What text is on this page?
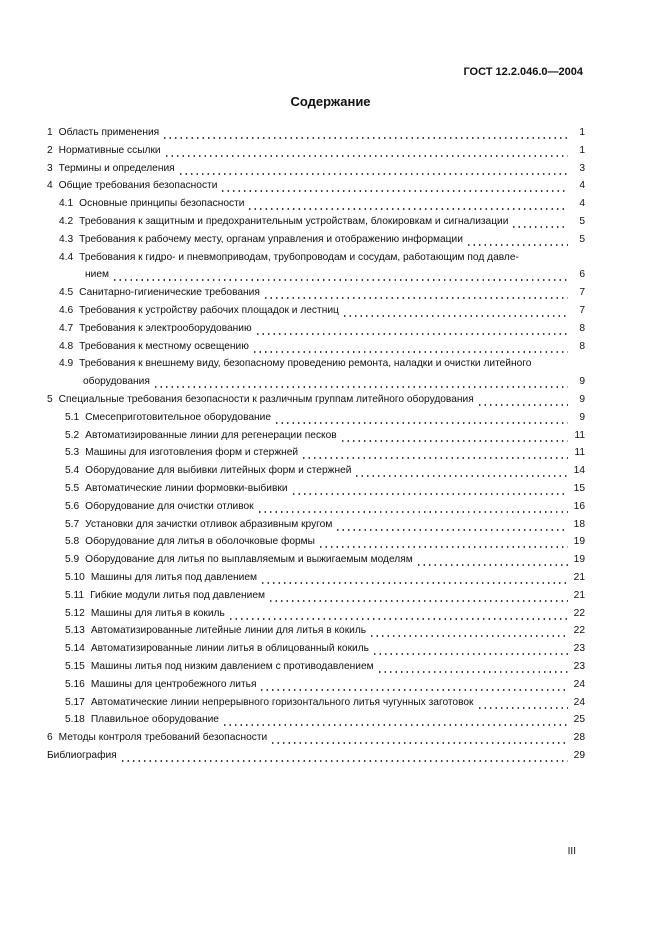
ГОСТ 12.2.046.0—2004
Содержание
1 Область применения	1
2 Нормативные ссылки	1
3 Термины и определения	3
4 Общие требования безопасности	4
4.1 Основные принципы безопасности	4
4.2 Требования к защитным и предохранительным устройствам, блокировкам и сигнализации	5
4.3 Требования к рабочему месту, органам управления и отображению информации	5
4.4 Требования к гидро- и пневмоприводам, трубопроводам и сосудам, работающим под давле-
нием	6
4.5 Санитарно-гигиенические требования	7
4.6 Требования к устройству рабочих площадок и лестниц	7
4.7 Требования к электрооборудованию	8
4.8 Требования к местному освещению	8
4.9 Требования к внешнему виду, безопасному проведению ремонта, наладки и очистки литейного
оборудования	9
5 Специальные требования безопасности к различным группам литейного оборудования	9
5.1 Смесеприготовительное оборудование	9
5.2 Автоматизированные линии для регенерации песков	11
5.3 Машины для изготовления форм и стержней	11
5.4 Оборудование для выбивки литейных форм и стержней	14
5.5 Автоматические линии формовки-выбивки	15
5.6 Оборудование для очистки отливок	16
5.7 Установки для зачистки отливок абразивным кругом	18
5.8 Оборудование для литья в оболочковые формы	19
5.9 Оборудование для литья по выплавляемым и выжигаемым моделям	19
5.10 Машины для литья под давлением	21
5.11 Гибкие модули литья под давлением	21
5.12 Машины для литья в кокиль	22
5.13 Автоматизированные литейные линии для литья в кокиль	22
5.14 Автоматизированные линии литья в облицованный кокиль	23
5.15 Машины литья под низким давлением с противодавлением	23
5.16 Машины для центробежного литья	24
5.17 Автоматические линии непрерывного горизонтального литья чугунных заготовок	24
5.18 Плавильное оборудование	25
6 Методы контроля требований безопасности	28
Библиография	29
III
